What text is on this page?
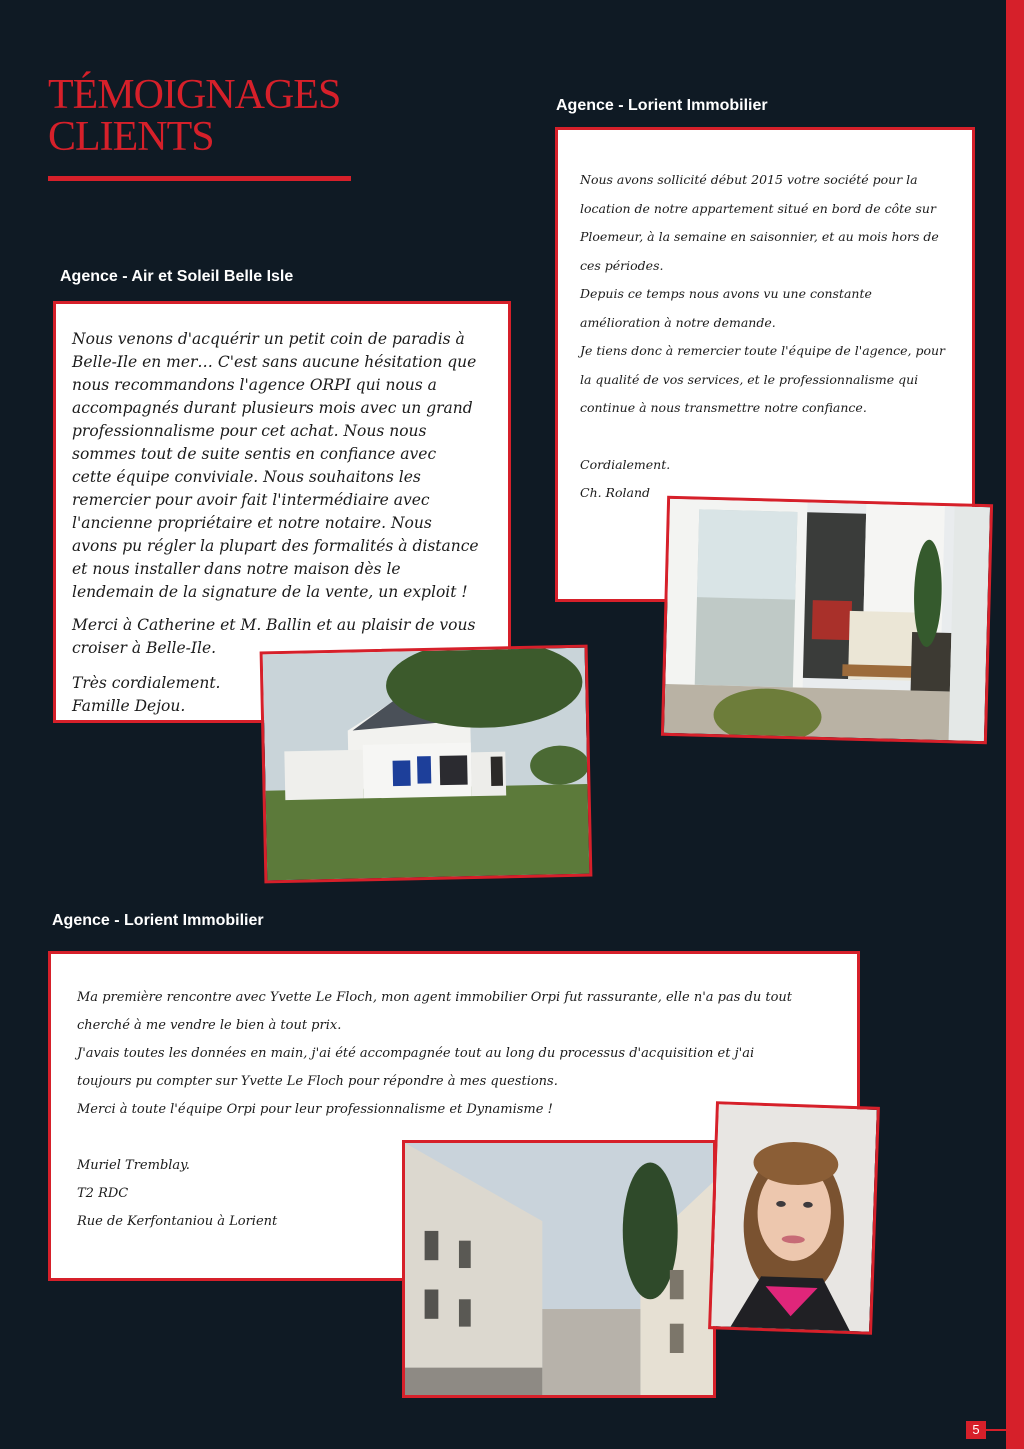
TÉMOIGNAGES
CLIENTS
Agence - Lorient Immobilier

Nous avons sollicité début 2015 votre société pour la location de notre appartement situé en bord de côte sur Ploemeur, à la semaine en saisonnier, et au mois hors de ces périodes.

Depuis ce temps nous avons vu une constante amélioration à notre demande.

Je tiens donc à remercier toute l'équipe de l'agence, pour la qualité de vos services, et le professionnalisme qui continue à nous transmettre notre confiance.

Cordialement.

Ch. Roland

Agence - Air et Soleil Belle Isle

Nous venons d'acquérir un petit coin de paradis à Belle-Ile en mer… C'est sans aucune hésitation que nous recommandons l'agence ORPI qui nous a accompagnés durant plusieurs mois avec un grand professionnalisme pour cet achat. Nous nous sommes tout de suite sentis en confiance avec cette équipe conviviale. Nous souhaitons les remercier pour avoir fait l'intermédiaire avec l'ancienne propriétaire et notre notaire. Nous avons pu régler la plupart des formalités à distance et nous installer dans notre maison dès le lendemain de la signature de la vente, un exploit !

Merci à Catherine et M. Ballin et au plaisir de vous croiser à Belle-Ile.

Très cordialement.

Famille Dejou.

Agence - Lorient Immobilier

Ma première rencontre avec Yvette Le Floch, mon agent immobilier Orpi fut rassurante, elle n'a pas du tout cherché à me vendre le bien à tout prix.

J'avais toutes les données en main, j'ai été accompagnée tout au long du processus d'acquisition et j'ai toujours pu compter sur Yvette Le Floch pour répondre à mes questions.

Merci à toute l'équipe Orpi pour leur professionnalisme et Dynamisme !

Muriel Tremblay.

T2 RDC

Rue de Kerfontaniou à Lorient

5
